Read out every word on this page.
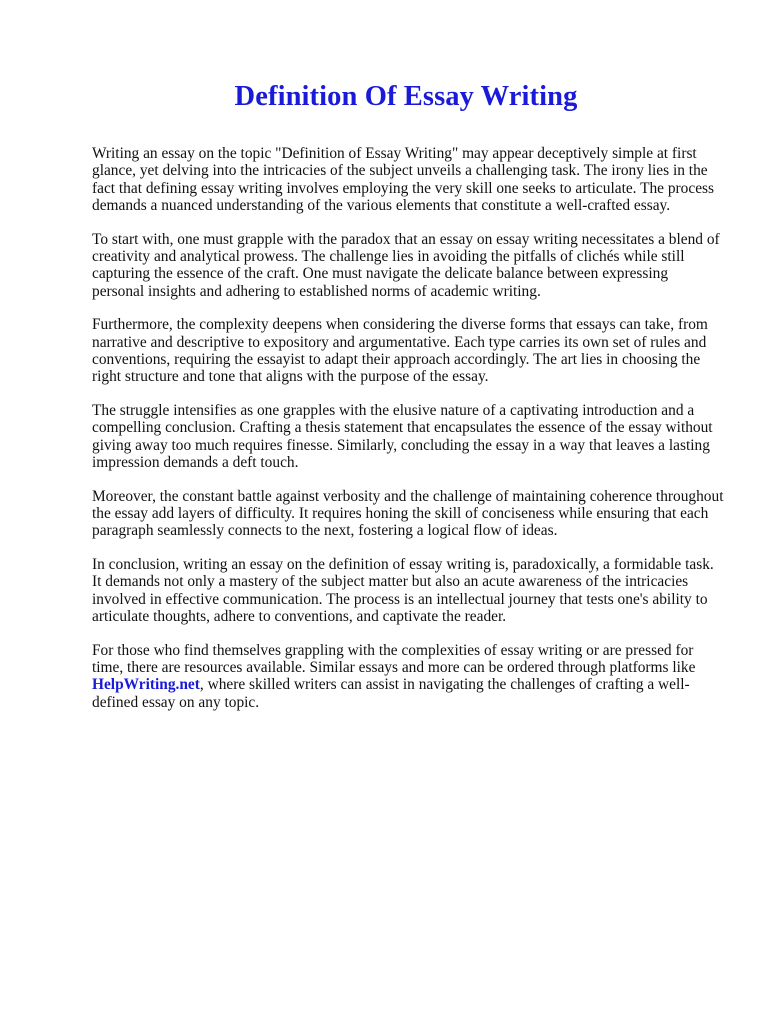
Definition Of Essay Writing

Writing an essay on the topic "Definition of Essay Writing" may appear deceptively simple at first glance, yet delving into the intricacies of the subject unveils a challenging task. The irony lies in the fact that defining essay writing involves employing the very skill one seeks to articulate. The process demands a nuanced understanding of the various elements that constitute a well-crafted essay.

To start with, one must grapple with the paradox that an essay on essay writing necessitates a blend of creativity and analytical prowess. The challenge lies in avoiding the pitfalls of clichés while still capturing the essence of the craft. One must navigate the delicate balance between expressing personal insights and adhering to established norms of academic writing.

Furthermore, the complexity deepens when considering the diverse forms that essays can take, from narrative and descriptive to expository and argumentative. Each type carries its own set of rules and conventions, requiring the essayist to adapt their approach accordingly. The art lies in choosing the right structure and tone that aligns with the purpose of the essay.

The struggle intensifies as one grapples with the elusive nature of a captivating introduction and a compelling conclusion. Crafting a thesis statement that encapsulates the essence of the essay without giving away too much requires finesse. Similarly, concluding the essay in a way that leaves a lasting impression demands a deft touch.

Moreover, the constant battle against verbosity and the challenge of maintaining coherence throughout the essay add layers of difficulty. It requires honing the skill of conciseness while ensuring that each paragraph seamlessly connects to the next, fostering a logical flow of ideas.

In conclusion, writing an essay on the definition of essay writing is, paradoxically, a formidable task. It demands not only a mastery of the subject matter but also an acute awareness of the intricacies involved in effective communication. The process is an intellectual journey that tests one's ability to articulate thoughts, adhere to conventions, and captivate the reader.

For those who find themselves grappling with the complexities of essay writing or are pressed for time, there are resources available. Similar essays and more can be ordered through platforms like HelpWriting.net, where skilled writers can assist in navigating the challenges of crafting a well-defined essay on any topic.
